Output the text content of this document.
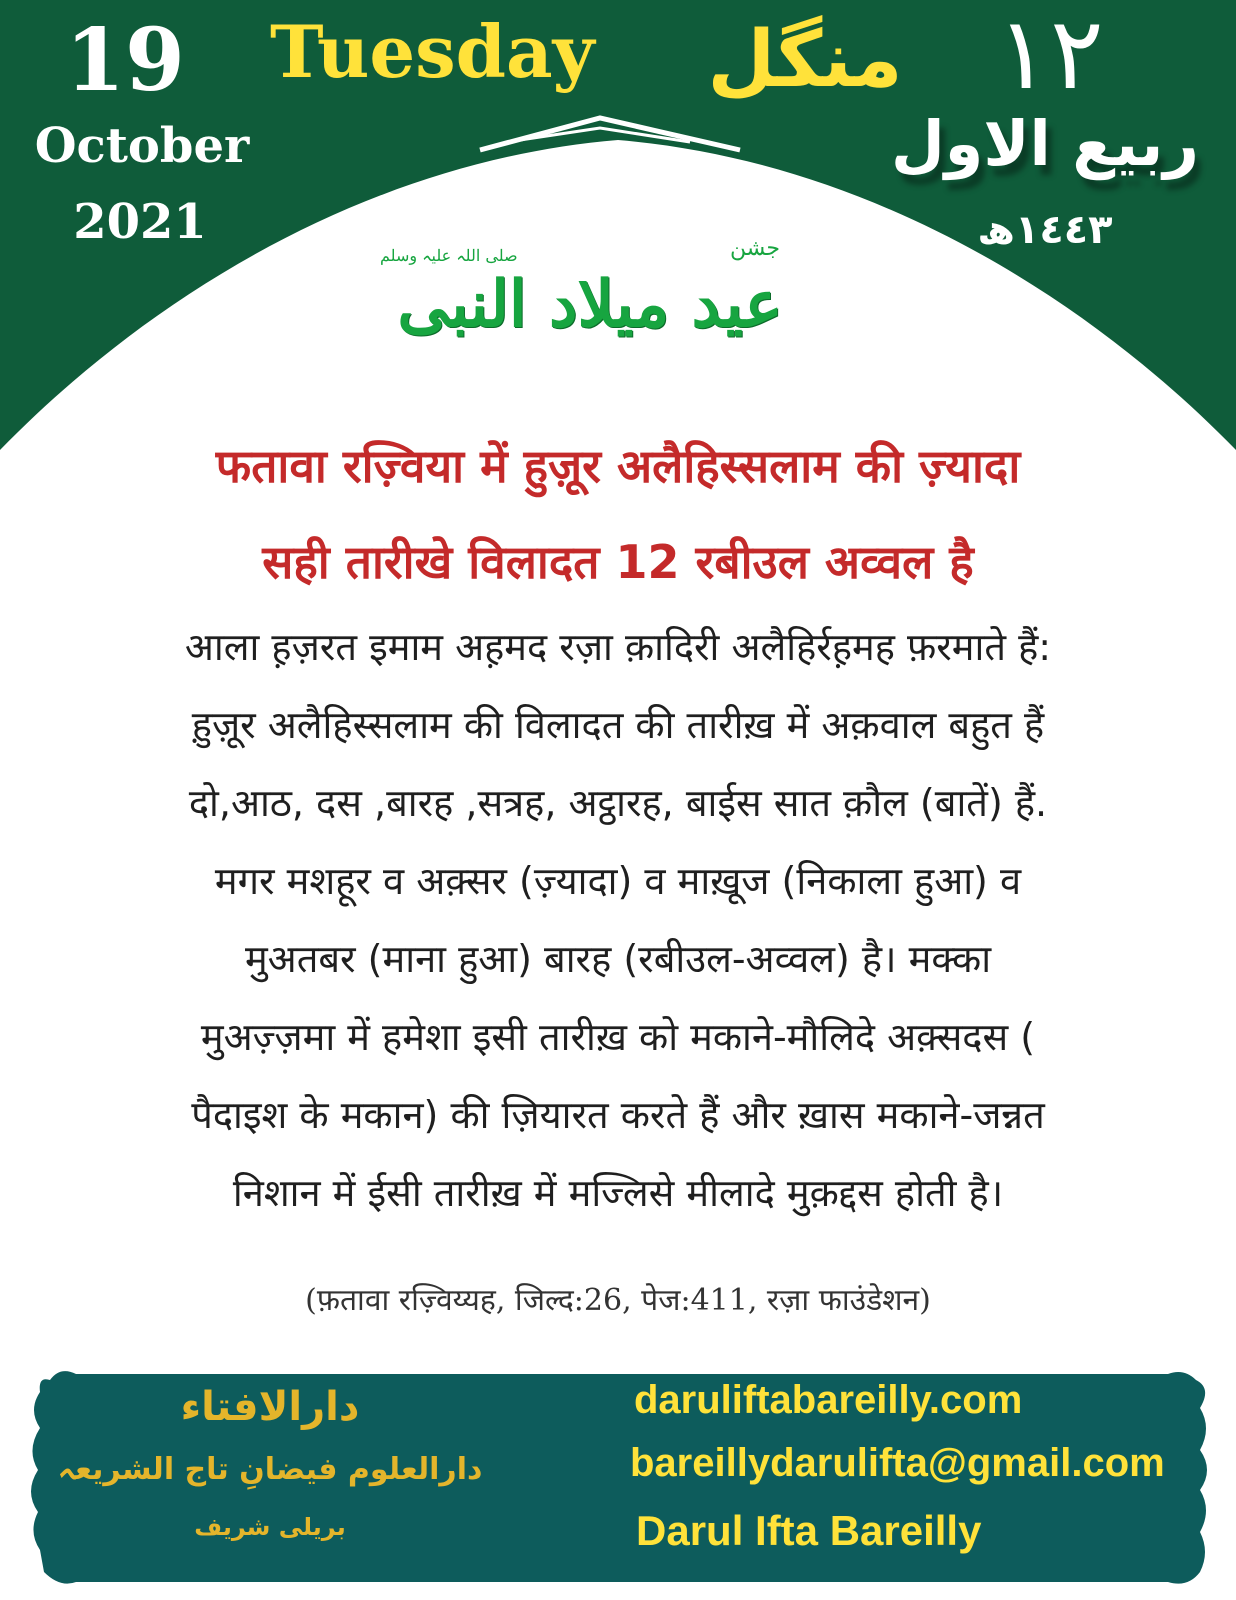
19
October
2021
Tuesday منگل ١٢
ربیع الاول
١٤٤٣ھ
جشن
صلی اللہ علیہ وسلم
عید میلاد النبی
फतावा रज़्विया में हुज़ूर अलैहिस्सलाम की ज़्यादा
सही तारीखे विलादत 12 रबीउल अव्वल है
आला ह़ज़रत इमाम अह़मद रज़ा क़ादिरी अलैहिर्रह़मह फ़रमाते हैं:
ह़ुज़ूर अलैहिस्सलाम की विलादत की तारीख़ में अक़वाल बहुत हैं
दो,आठ, दस ,बारह ,सत्रह, अट्ठारह, बाईस सात क़ौल (बातें) हैं.
मगर मशहूर व अक़्सर (ज़्यादा) व माख़ूज (निकाला हुआ) व
मुअतबर (माना हुआ) बारह (रबीउल-अव्वल) है। मक्का
मुअज़्ज़मा में हमेशा इसी तारीख़ को मकाने-मौलिदे अक़्सदस (
पैदाइश के मकान) की ज़ियारत करते हैं और ख़ास मकाने-जन्नत
निशान में ईसी तारीख़ में मज्लिसे मीलादे मुक़द्दस होती है।
(फ़तावा रज़्विय्यह, जिल्द:26, पेज:411, रज़ा फाउंडेशन)
دارالافتاء
دارالعلوم فیضانِ تاج الشریعہ
بریلی شریف
daruliftabareilly.com
bareillydarulifta@gmail.com
Darul Ifta Bareilly
